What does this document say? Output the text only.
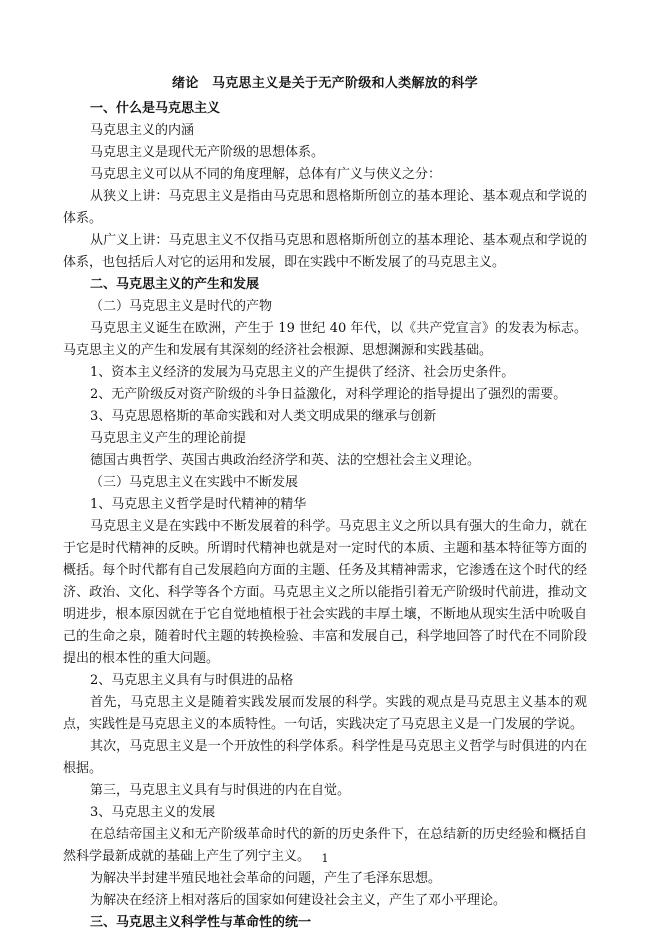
绪论　马克思主义是关于无产阶级和人类解放的科学

一、什么是马克思主义

马克思主义的内涵

马克思主义是现代无产阶级的思想体系。

马克思主义可以从不同的角度理解，总体有广义与侠义之分：

从狭义上讲：马克思主义是指由马克思和恩格斯所创立的基本理论、基本观点和学说的体系。

从广义上讲：马克思主义不仅指马克思和恩格斯所创立的基本理论、基本观点和学说的体系，也包括后人对它的运用和发展，即在实践中不断发展了的马克思主义。

二、马克思主义的产生和发展

（二）马克思主义是时代的产物

马克思主义诞生在欧洲，产生于 19 世纪 40 年代，以《共产党宣言》的发表为标志。马克思主义的产生和发展有其深刻的经济社会根源、思想渊源和实践基础。

1、资本主义经济的发展为马克思主义的产生提供了经济、社会历史条件。

2、无产阶级反对资产阶级的斗争日益激化，对科学理论的指导提出了强烈的需要。

3、马克思恩格斯的革命实践和对人类文明成果的继承与创新

马克思主义产生的理论前提

德国古典哲学、英国古典政治经济学和英、法的空想社会主义理论。

（三）马克思主义在实践中不断发展

1、马克思主义哲学是时代精神的精华

马克思主义是在实践中不断发展着的科学。马克思主义之所以具有强大的生命力，就在于它是时代精神的反映。所谓时代精神也就是对一定时代的本质、主题和基本特征等方面的概括。每个时代都有自己发展趋向方面的主题、任务及其精神需求，它渗透在这个时代的经济、政治、文化、科学等各个方面。马克思主义之所以能指引着无产阶级时代前进，推动文明进步，根本原因就在于它自觉地植根于社会实践的丰厚土壤，不断地从现实生活中吮吸自己的生命之泉，随着时代主题的转换检验、丰富和发展自己，科学地回答了时代在不同阶段提出的根本性的重大问题。

2、马克思主义具有与时俱进的品格

首先，马克思主义是随着实践发展而发展的科学。实践的观点是马克思主义基本的观点，实践性是马克思主义的本质特性。一句话，实践决定了马克思主义是一门发展的学说。

其次，马克思主义是一个开放性的科学体系。科学性是马克思主义哲学与时俱进的内在根据。

第三，马克思主义具有与时俱进的内在自觉。

3、马克思主义的发展

在总结帝国主义和无产阶级革命时代的新的历史条件下，在总结新的历史经验和概括自然科学最新成就的基础上产生了列宁主义。

为解决半封建半殖民地社会革命的问题，产生了毛泽东思想。

为解决在经济上相对落后的国家如何建设社会主义，产生了邓小平理论。

三、马克思主义科学性与革命性的统一

1
